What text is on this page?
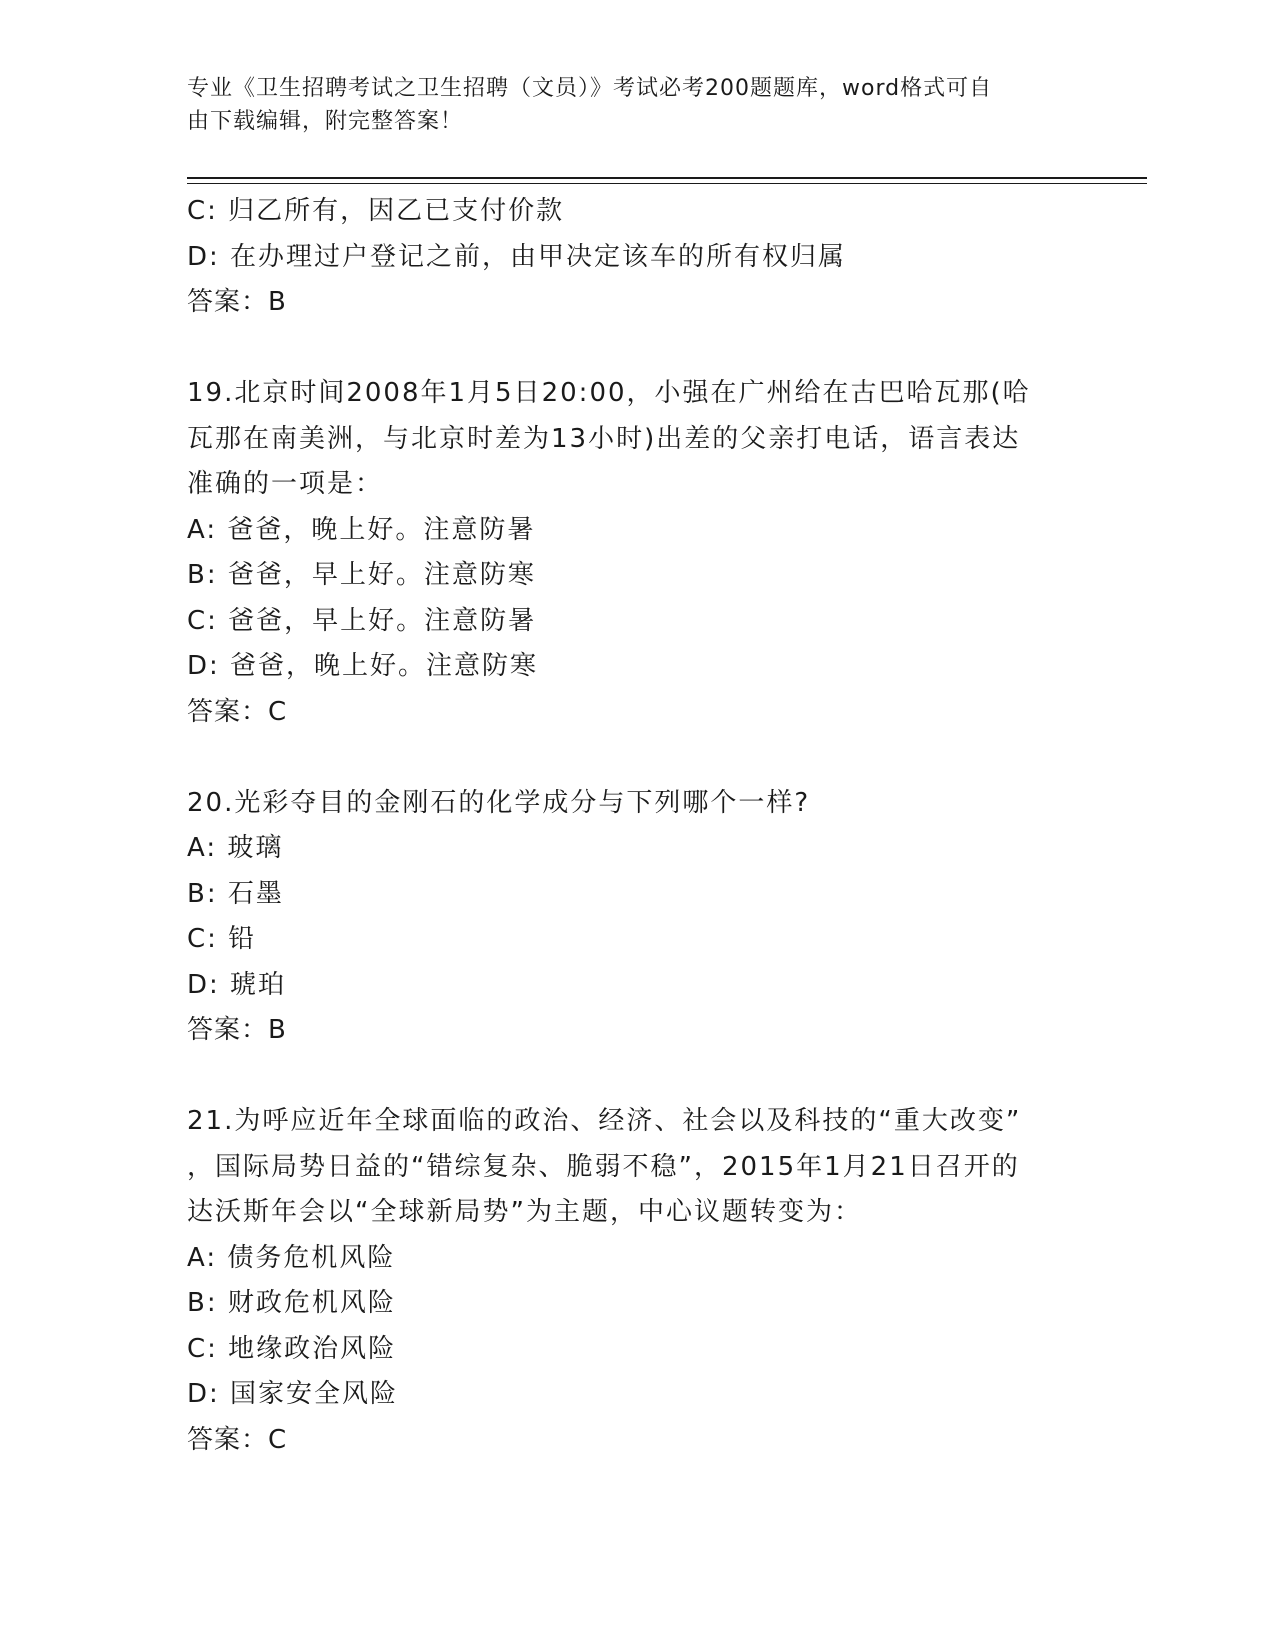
专业《卫生招聘考试之卫生招聘（文员）》考试必考200题题库，word格式可自
由下载编辑，附完整答案！
C: 归乙所有，因乙已支付价款
D: 在办理过户登记之前，由甲决定该车的所有权归属
答案：B
19.北京时间2008年1月5日20:00，小强在广州给在古巴哈瓦那(哈
瓦那在南美洲，与北京时差为13小时)出差的父亲打电话，语言表达
准确的一项是：
A: 爸爸，晚上好。注意防暑
B: 爸爸，早上好。注意防寒
C: 爸爸，早上好。注意防暑
D: 爸爸，晚上好。注意防寒
答案：C
20.光彩夺目的金刚石的化学成分与下列哪个一样?
A: 玻璃
B: 石墨
C: 铅
D: 琥珀
答案：B
21.为呼应近年全球面临的政治、经济、社会以及科技的“重大改变”
，国际局势日益的“错综复杂、脆弱不稳”，2015年1月21日召开的
达沃斯年会以“全球新局势”为主题，中心议题转变为：
A: 债务危机风险
B: 财政危机风险
C: 地缘政治风险
D: 国家安全风险
答案：C
